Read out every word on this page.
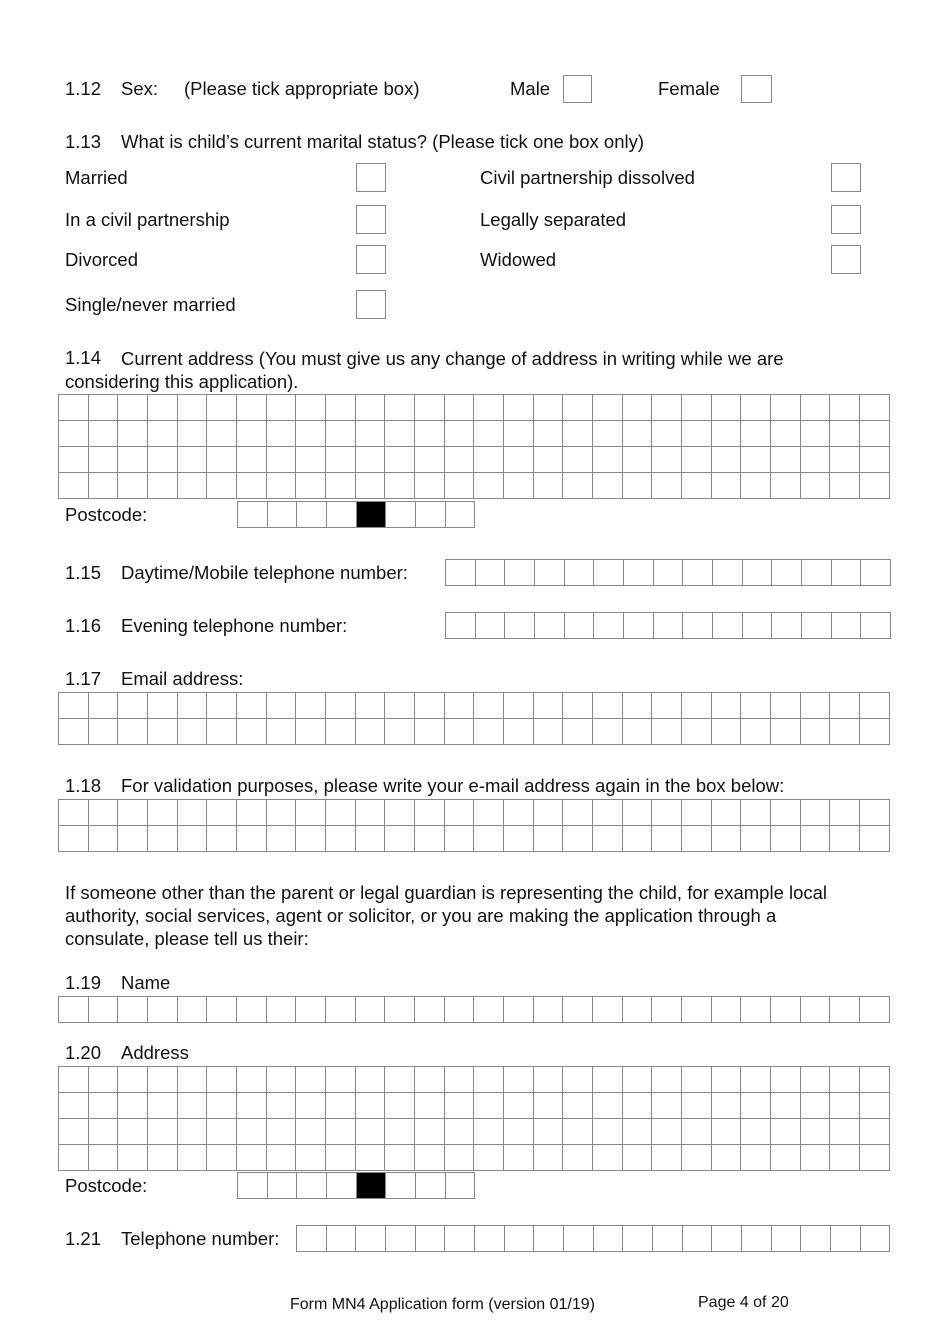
1.12 Sex: (Please tick appropriate box)	Male	Female
1.13 What is child’s current marital status? (Please tick one box only)
Married
In a civil partnership
Divorced
Single/never married
Civil partnership dissolved
Legally separated
Widowed
1.14	Current address (You must give us any change of address in writing while we are considering this application).
Postcode:
1.15 Daytime/Mobile telephone number:
1.16 Evening telephone number:
1.17 Email address:
1.18 For validation purposes, please write your e-mail address again in the box below:
If someone other than the parent or legal guardian is representing the child, for example local authority, social services, agent or solicitor, or you are making the application through a consulate, please tell us their:
1.19 Name
1.20 Address
Postcode:
1.21 Telephone number:
Form MN4 Application form (version 01/19)	Page 4 of 20
